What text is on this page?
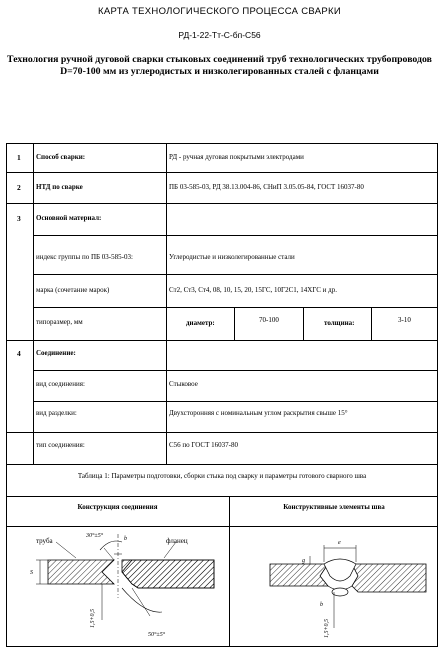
КАРТА ТЕХНОЛОГИЧЕСКОГО ПРОЦЕССА СВАРКИ
РД-1-22-Тт-С-бп-С56
Технология ручной дуговой сварки стыковых соединений труб технологических трубопроводов D=70-100 мм из углеродистых и низколегированных сталей с фланцами
1 Способ сварки:	РД - ручная дуговая покрытыми электродами
2 НТД по сварке	ПБ 03-585-03, РД 38.13.004-86, СНиП 3.05.05-84, ГОСТ 16037-80
3 Основной материал:
индекс группы по ПБ 03-585-03:	Углеродистые и низколегированные стали
марка (сочетание марок)	Ст2, Ст3, Ст4, 08, 10, 15, 20, 15ГС, 10Г2С1, 14ХГС и др.
типоразмер, мм	диаметр:	70-100	толщина:	3-10
4 Соединение:
вид соединения:	Стыковое
вид разделки:	Двухсторонняя с номинальным углом раскрытия свыше 15°
тип соединения:	С56 по ГОСТ 16037-80
Таблица 1: Параметры подготовки, сборки стыка под сварку и параметры готового сварного шва
Конструкция соединения	Конструктивные элементы шва
труба	фланец
30°±5°	b
S
1,5+0,5
50°±5°
e
g
b
1,5+0,5
